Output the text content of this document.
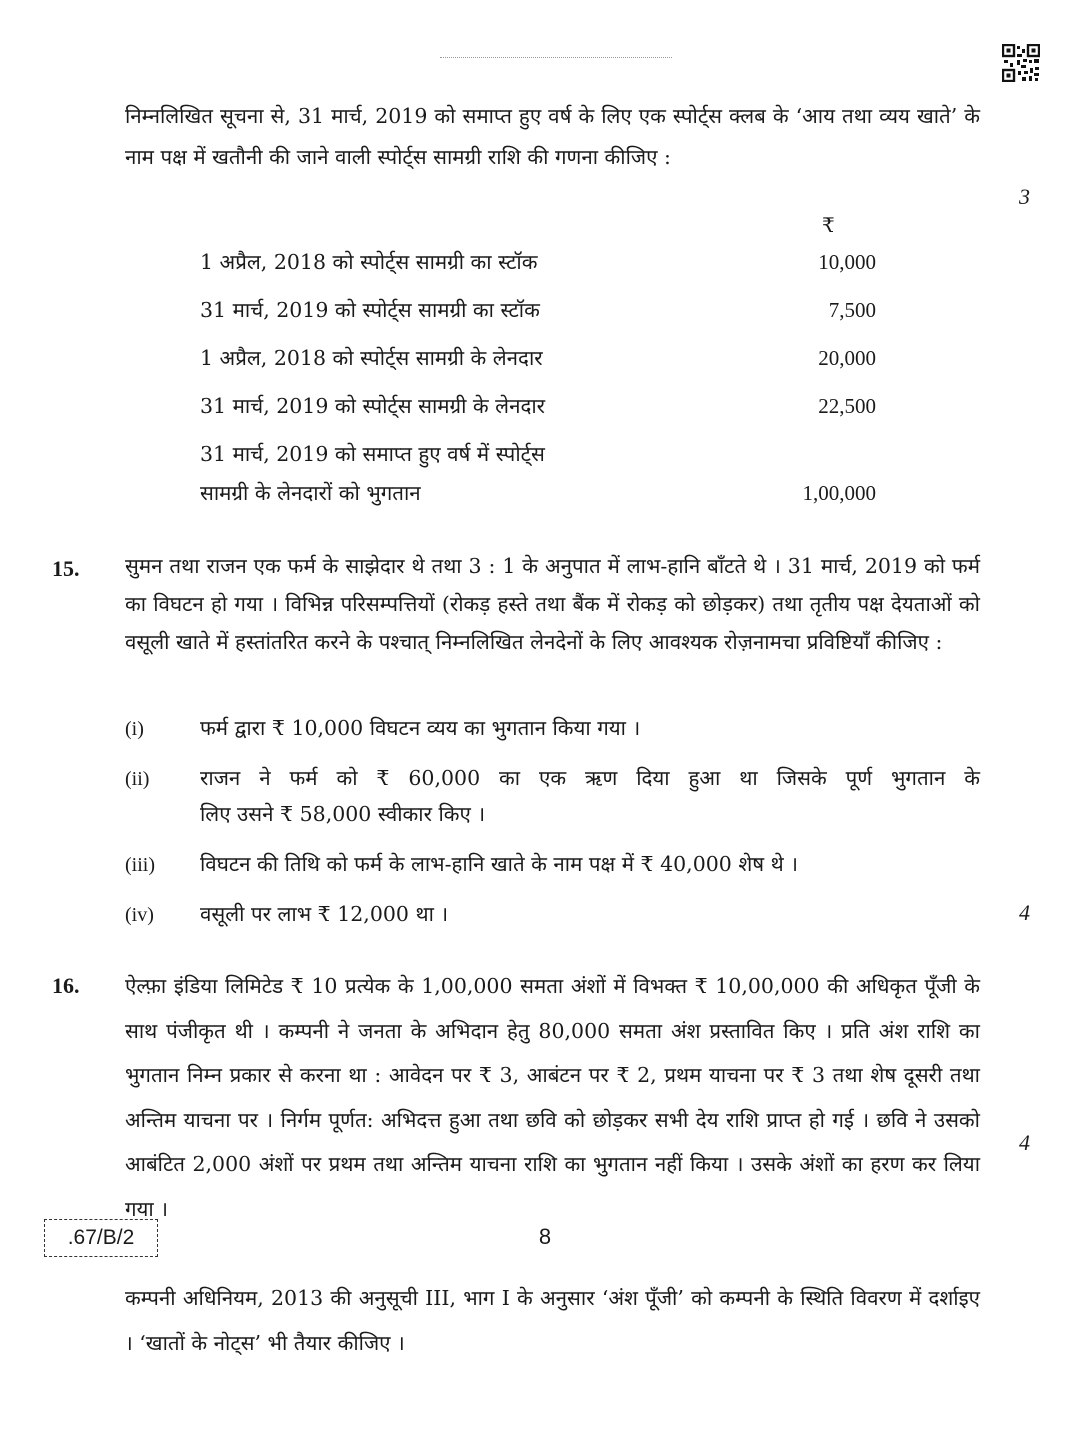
निम्नलिखित सूचना से, 31 मार्च, 2019 को समाप्त हुए वर्ष के लिए एक स्पोर्ट्स क्लब के ‘आय तथा व्यय खाते’ के नाम पक्ष में खतौनी की जाने वाली स्पोर्ट्स सामग्री राशि की गणना कीजिए :
3
₹
1 अप्रैल, 2018 को स्पोर्ट्स सामग्री का स्टॉक	10,000
31 मार्च, 2019 को स्पोर्ट्स सामग्री का स्टॉक	7,500
1 अप्रैल, 2018 को स्पोर्ट्स सामग्री के लेनदार	20,000
31 मार्च, 2019 को स्पोर्ट्स सामग्री के लेनदार	22,500
31 मार्च, 2019 को समाप्त हुए वर्ष में स्पोर्ट्स
सामग्री के लेनदारों को भुगतान	1,00,000
15. सुमन तथा राजन एक फर्म के साझेदार थे तथा 3 : 1 के अनुपात में लाभ-हानि बाँटते थे । 31 मार्च, 2019 को फर्म का विघटन हो गया । विभिन्न परिसम्पत्तियों (रोकड़ हस्ते तथा बैंक में रोकड़ को छोड़कर) तथा तृतीय पक्ष देयताओं को वसूली खाते में हस्तांतरित करने के पश्चात् निम्नलिखित लेनदेनों के लिए आवश्यक रोज़नामचा प्रविष्टियाँ कीजिए :
(i)	फर्म द्वारा ₹ 10,000 विघटन व्यय का भुगतान किया गया ।
(ii) राजन ने फर्म को ₹ 60,000 का एक ऋण दिया हुआ था जिसके पूर्ण भुगतान के
लिए उसने ₹ 58,000 स्वीकार किए ।
(iii) विघटन की तिथि को फर्म के लाभ-हानि खाते के नाम पक्ष में ₹ 40,000 शेष थे ।
(iv) वसूली पर लाभ ₹ 12,000 था ।	4
16. ऐल्फ़ा इंडिया लिमिटेड ₹ 10 प्रत्येक के 1,00,000 समता अंशों में विभक्त ₹ 10,00,000 की अधिकृत पूँजी के साथ पंजीकृत थी । कम्पनी ने जनता के अभिदान हेतु 80,000 समता अंश प्रस्तावित किए । प्रति अंश राशि का भुगतान निम्न प्रकार से करना था : आवेदन पर ₹ 3, आबंटन पर ₹ 2, प्रथम याचना पर ₹ 3 तथा शेष दूसरी तथा अन्तिम याचना पर । निर्गम पूर्णत: अभिदत्त हुआ तथा छवि को छोड़कर सभी देय राशि प्राप्त हो गई । छवि ने उसको आबंटित 2,000 अंशों पर प्रथम तथा अन्तिम याचना राशि का भुगतान नहीं किया । उसके अंशों का हरण कर लिया गया ।
कम्पनी अधिनियम, 2013 की अनुसूची III, भाग I के अनुसार ‘अंश पूँजी’ को कम्पनी के स्थिति विवरण में दर्शाइए । ‘खातों के नोट्स’ भी तैयार कीजिए ।
4
.67/B/2	8
